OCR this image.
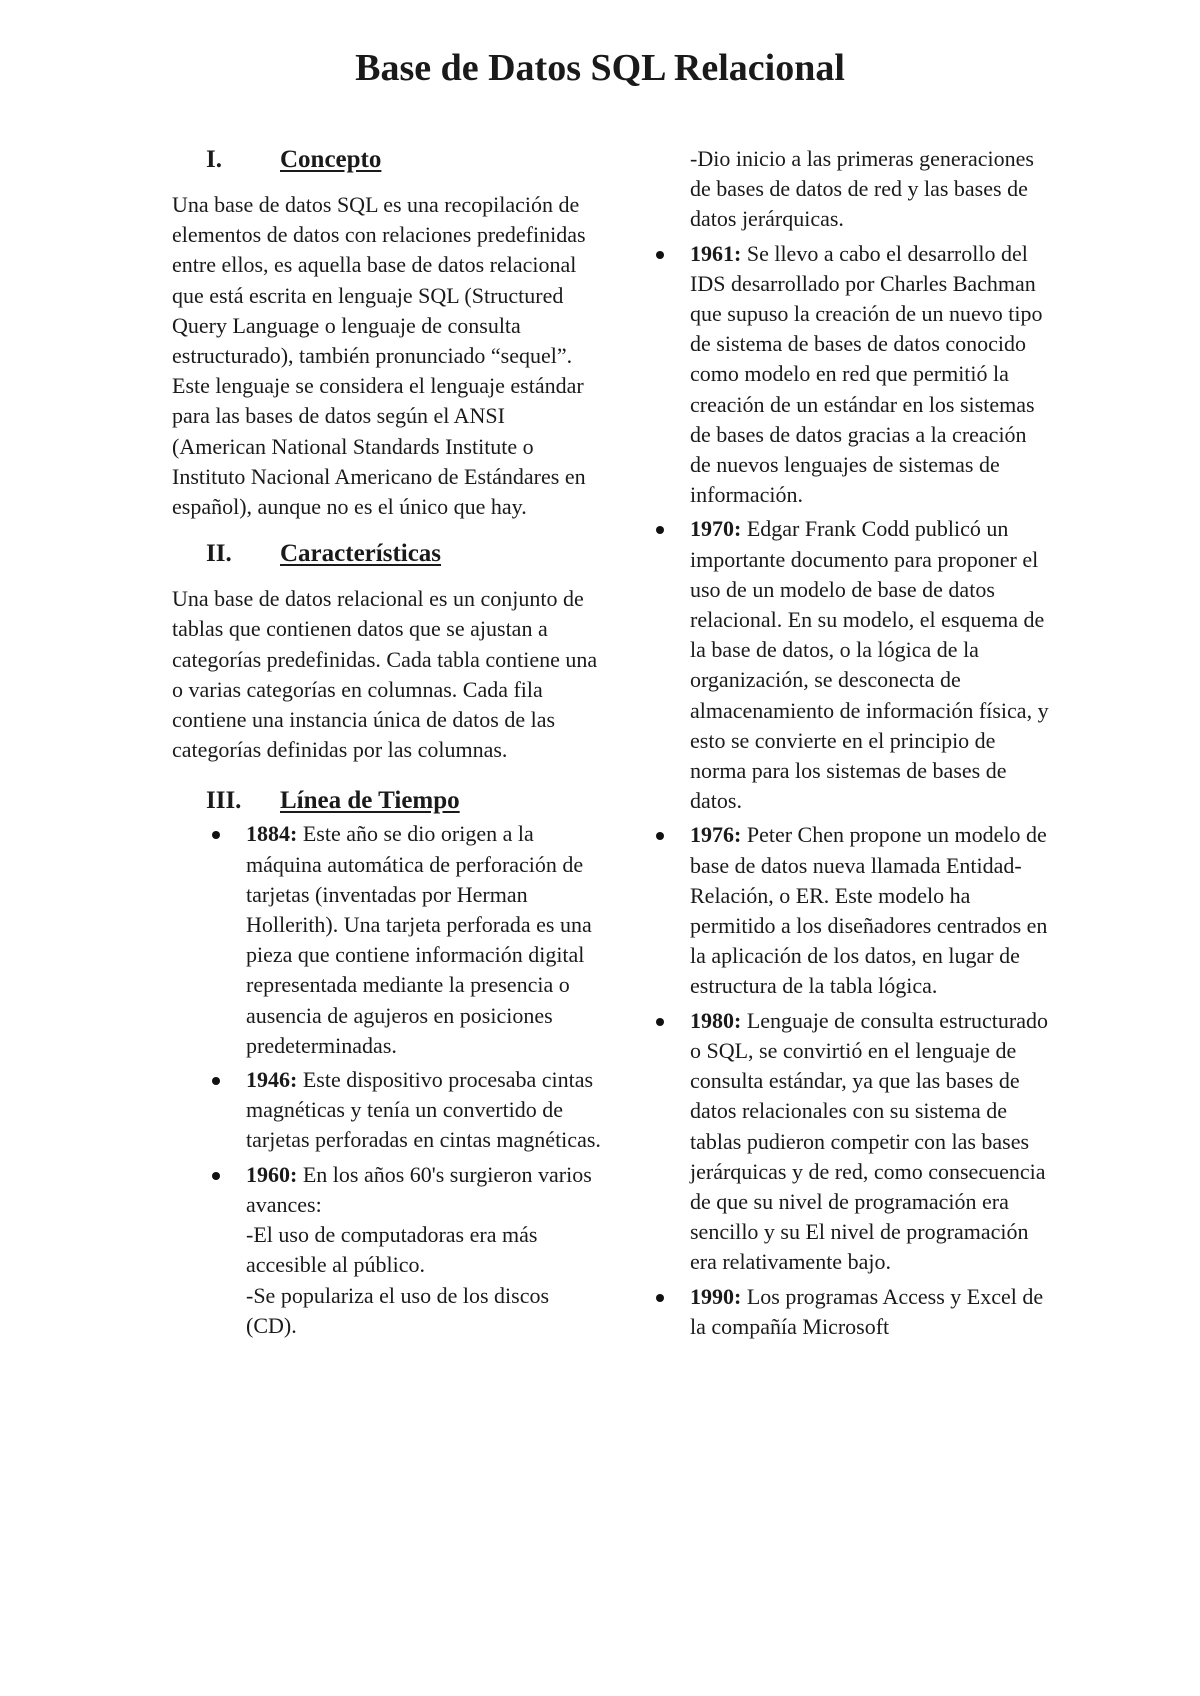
Base de Datos SQL Relacional
I.	Concepto

Una base de datos SQL es una recopilación de elementos de datos con relaciones predefinidas entre ellos, es aquella base de datos relacional que está escrita en lenguaje SQL (Structured Query Language o lenguaje de consulta estructurado), también pronunciado “sequel”. Este lenguaje se considera el lenguaje estándar para las bases de datos según el ANSI (American National Standards Institute o Instituto Nacional Americano de Estándares en español), aunque no es el único que hay.

II.	Características

Una base de datos relacional es un conjunto de tablas que contienen datos que se ajustan a categorías predefinidas. Cada tabla contiene una o varias categorías en columnas. Cada fila contiene una instancia única de datos de las categorías definidas por las columnas.

III.	Línea de Tiempo
1884: Este año se dio origen a la máquina automática de perforación de tarjetas (inventadas por Herman Hollerith). Una tarjeta perforada es una pieza que contiene información digital representada mediante la presencia o ausencia de agujeros en posiciones predeterminadas.
1946: Este dispositivo procesaba cintas magnéticas y tenía un convertido de tarjetas perforadas en cintas magnéticas.
1960: En los años 60's surgieron varios avances:
-El uso de computadoras era más accesible al público.
-Se populariza el uso de los discos (CD).

-Dio inicio a las primeras generaciones de bases de datos de red y las bases de datos jerárquicas.

1961: Se llevo a cabo el desarrollo del IDS desarrollado por Charles Bachman que supuso la creación de un nuevo tipo de sistema de bases de datos conocido como modelo en red que permitió la creación de un estándar en los sistemas de bases de datos gracias a la creación de nuevos lenguajes de sistemas de información.
1970: Edgar Frank Codd publicó un importante documento para proponer el uso de un modelo de base de datos relacional. En su modelo, el esquema de la base de datos, o la lógica de la organización, se desconecta de almacenamiento de información física, y esto se convierte en el principio de norma para los sistemas de bases de datos.
1976: Peter Chen propone un modelo de base de datos nueva llamada Entidad-Relación, o ER. Este modelo ha permitido a los diseñadores centrados en la aplicación de los datos, en lugar de estructura de la tabla lógica.
1980: Lenguaje de consulta estructurado o SQL, se convirtió en el lenguaje de consulta estándar, ya que las bases de datos relacionales con su sistema de tablas pudieron competir con las bases jerárquicas y de red, como consecuencia de que su nivel de programación era sencillo y su El nivel de programación era relativamente bajo.
1990: Los programas Access y Excel de la compañía Microsoft
